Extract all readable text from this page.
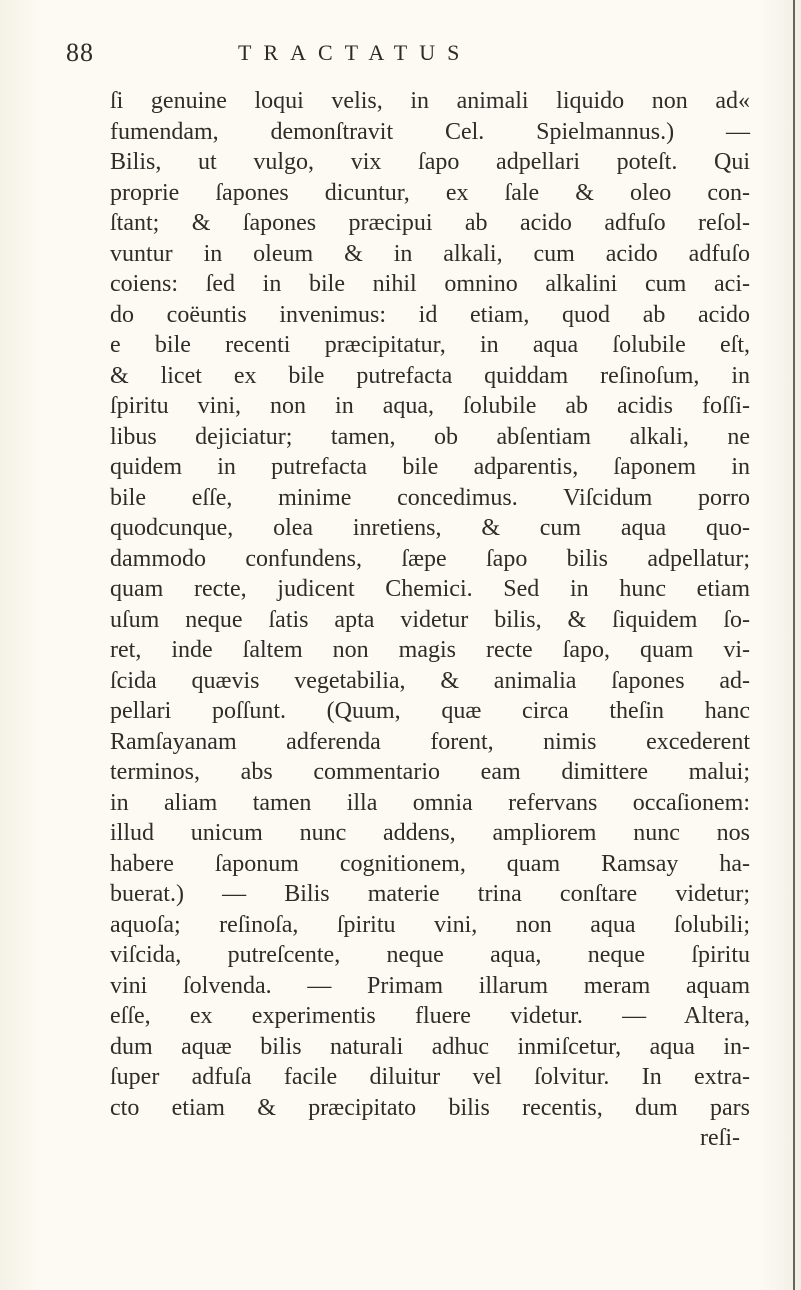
88	TRACTATUS
ſi genuine loqui velis, in animali liquido non ad«
fumendam, demonſtravit Cel. Spielmannus.) —
Bilis, ut vulgo, vix ſapo adpellari poteſt. Qui
proprie ſapones dicuntur, ex ſale & oleo con-
ſtant; & ſapones præcipui ab acido adfuſo reſol-
vuntur in oleum & in alkali, cum acido adfuſo
coiens: ſed in bile nihil omnino alkalini cum aci-
do coëuntis invenimus: id etiam, quod ab acido
e bile recenti præcipitatur, in aqua ſolubile eſt,
& licet ex bile putrefacta quiddam reſinoſum, in
ſpiritu vini, non in aqua, ſolubile ab acidis foſſi-
libus dejiciatur; tamen, ob abſentiam alkali, ne
quidem in putrefacta bile adparentis, ſaponem in
bile eſſe, minime concedimus. Viſcidum porro
quodcunque, olea inretiens, & cum aqua quo-
dammodo confundens, ſæpe ſapo bilis adpellatur;
quam recte, judicent Chemici. Sed in hunc etiam
uſum neque ſatis apta videtur bilis, & ſiquidem ſo-
ret, inde ſaltem non magis recte ſapo, quam vi-
ſcida quævis vegetabilia, & animalia ſapones ad-
pellari poſſunt. (Quum, quæ circa theſin hanc
Ramſayanam adferenda forent, nimis excederent
terminos, abs commentario eam dimittere malui;
in aliam tamen illa omnia refervans occaſionem:
illud unicum nunc addens, ampliorem nunc nos
habere ſaponum cognitionem, quam Ramsay ha-
buerat.) — Bilis materie trina conſtare videtur;
aquoſa; reſinoſa, ſpiritu vini, non aqua ſolubili;
viſcida, putreſcente, neque aqua, neque ſpiritu
vini ſolvenda. — Primam illarum meram aquam
eſſe, ex experimentis fluere videtur. — Altera,
dum aquæ bilis naturali adhuc inmiſcetur, aqua in-
ſuper adfuſa facile diluitur vel ſolvitur. In extra-
cto etiam & præcipitato bilis recentis, dum pars
reſi-
